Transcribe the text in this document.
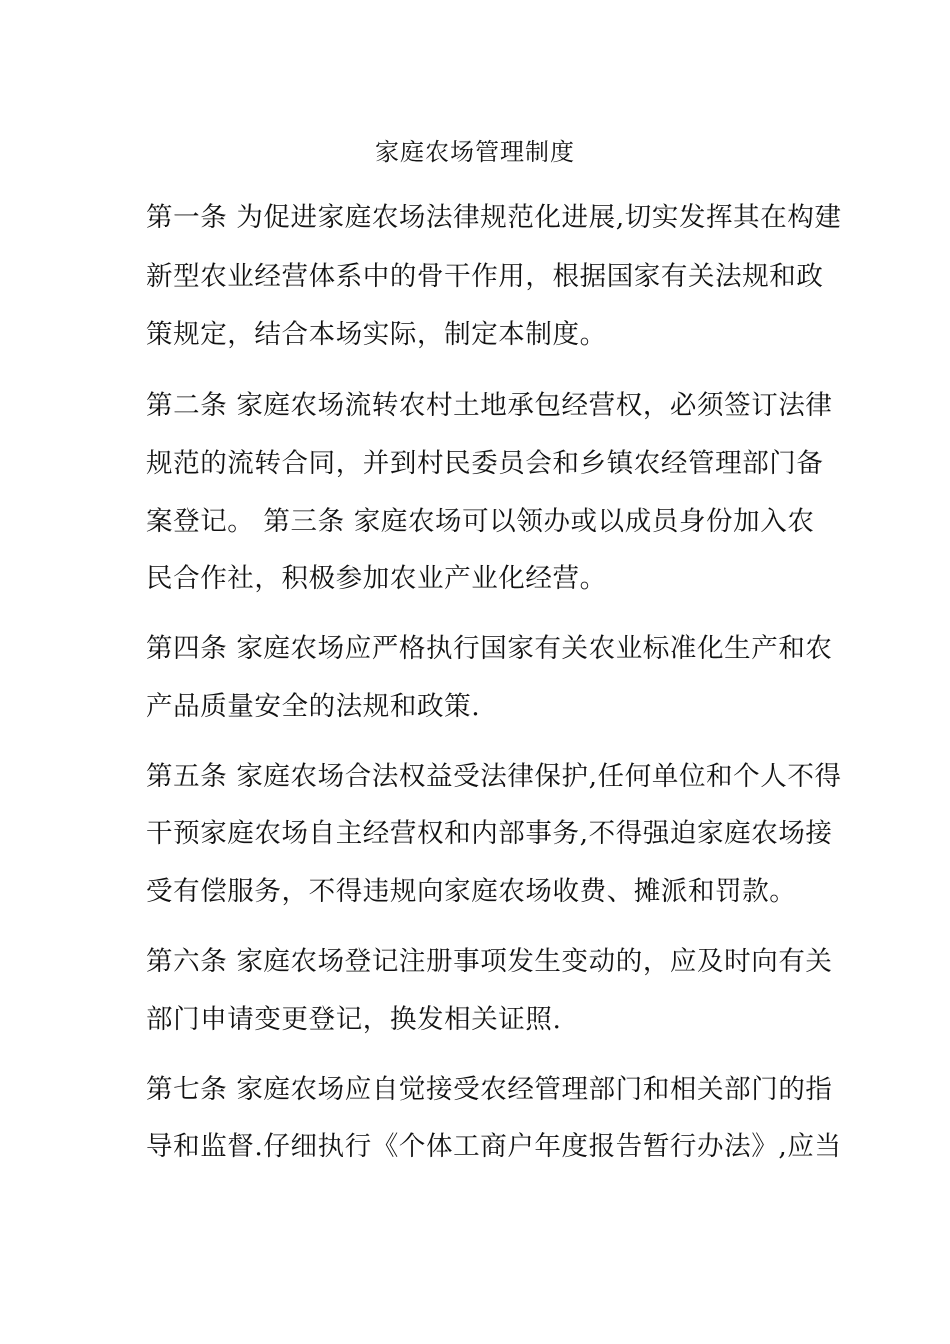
家庭农场管理制度
第一条 为促进家庭农场法律规范化进展,切实发挥其在构建
新型农业经营体系中的骨干作用，根据国家有关法规和政
策规定，结合本场实际，制定本制度。
第二条 家庭农场流转农村土地承包经营权，必须签订法律
规范的流转合同，并到村民委员会和乡镇农经管理部门备
案登记。 第三条 家庭农场可以领办或以成员身份加入农
民合作社，积极参加农业产业化经营。
第四条 家庭农场应严格执行国家有关农业标准化生产和农
产品质量安全的法规和政策.
第五条 家庭农场合法权益受法律保护,任何单位和个人不得
干预家庭农场自主经营权和内部事务,不得强迫家庭农场接
受有偿服务，不得违规向家庭农场收费、摊派和罚款。
第六条 家庭农场登记注册事项发生变动的，应及时向有关
部门申请变更登记，换发相关证照.
第七条 家庭农场应自觉接受农经管理部门和相关部门的指
导和监督.仔细执行《个体工商户年度报告暂行办法》,应当
